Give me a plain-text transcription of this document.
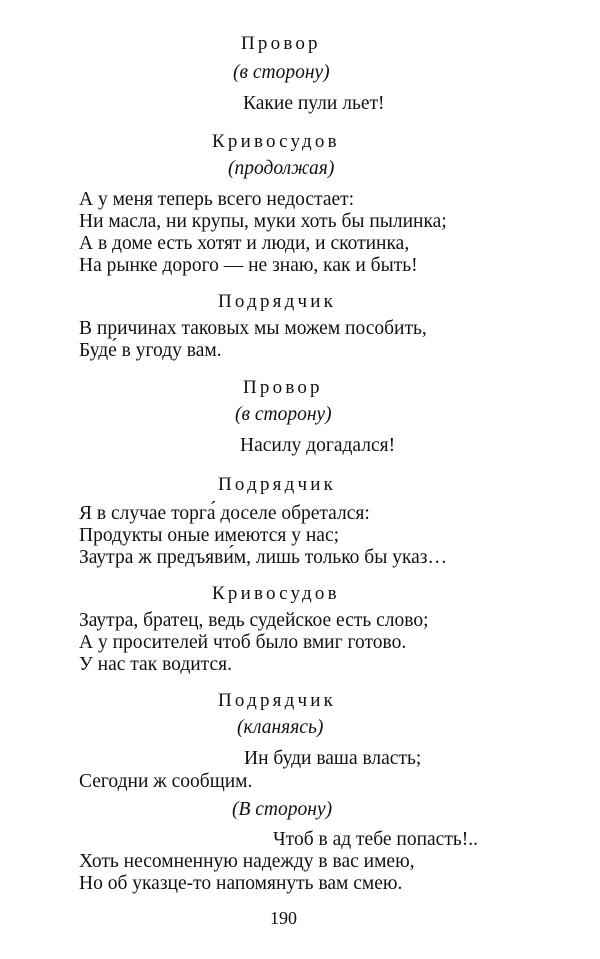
Провор
(в сторону)
Какие пули льет!
Кривосудов
(продолжая)
А у меня теперь всего недостает:
Ни масла, ни крупы, муки хоть бы пылинка;
А в доме есть хотят и люди, и скотинка,
На рынке дорого — не знаю, как и быть!
Подрядчик
В причинах таковых мы можем пособить,
Буде́ в угоду вам.
Провор
(в сторону)
Насилу догадался!
Подрядчик
Я в случае торга́ доселе обретался:
Продукты оные имеются у нас;
Заутра ж предъяви́м, лишь только бы указ…
Кривосудов
Заутра, братец, ведь судейское есть слово;
А у просителей чтоб было вмиг готово.
У нас так водится.
Подрядчик
(кланяясь)
Ин буди ваша власть;
Сегодни ж сообщим.
(В сторону)
Чтоб в ад тебе попасть!..
Хоть несомненную надежду в вас имею,
Но об указце-то напомянуть вам смею.
190
